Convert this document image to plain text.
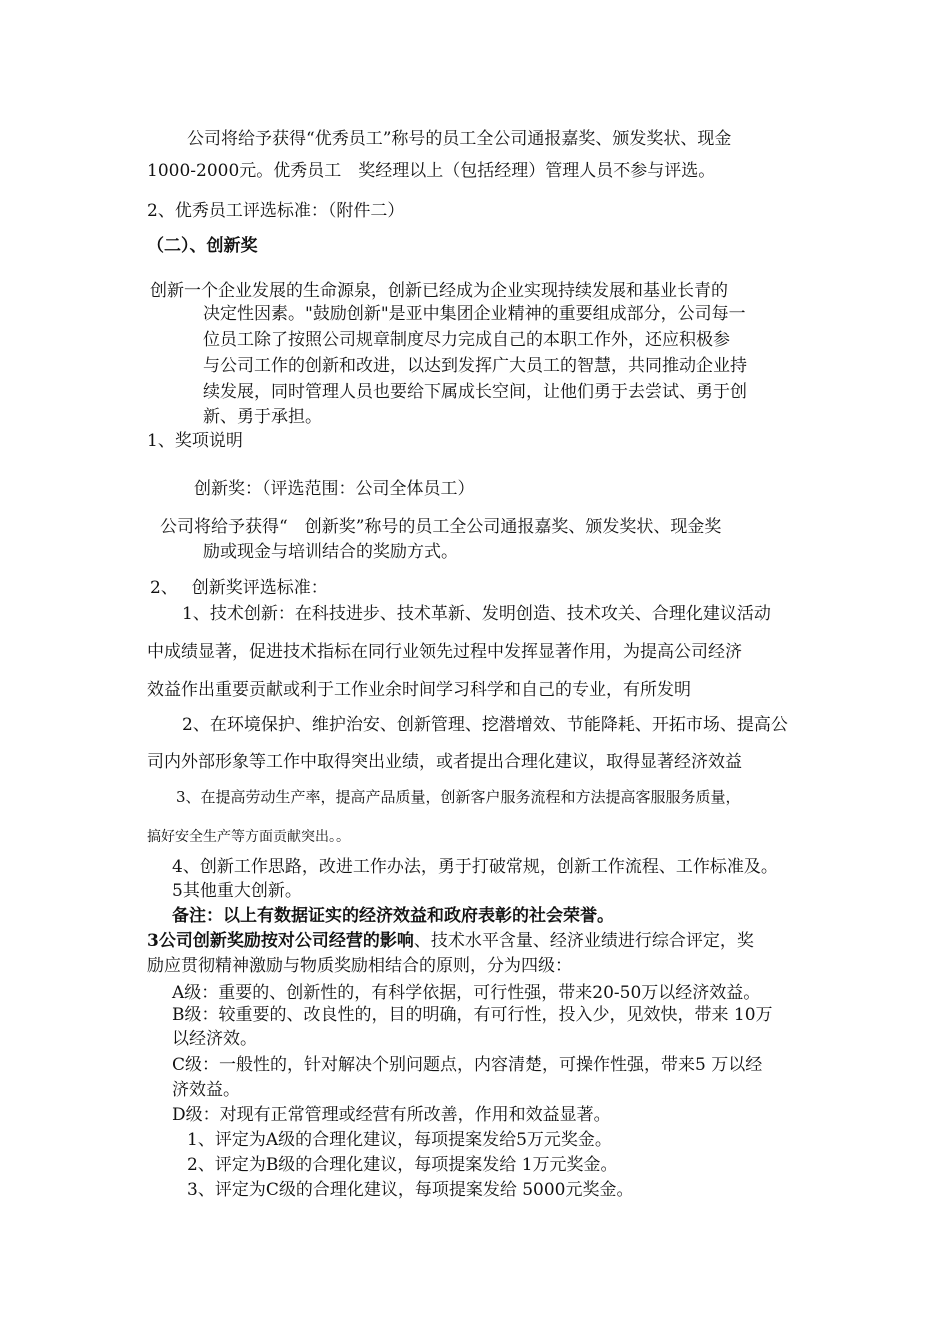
公司将给予获得“优秀员工”称号的员工全公司通报嘉奖、颁发奖状、现金
1000-2000元。优秀员工　奖经理以上（包括经理）管理人员不参与评选。
2、优秀员工评选标准：（附件二）
（二）、创新奖
创新一个企业发展的生命源泉，创新已经成为企业实现持续发展和基业长青的
决定性因素。"鼓励创新"是亚中集团企业精神的重要组成部分，公司每一
位员工除了按照公司规章制度尽力完成自己的本职工作外，还应积极参
与公司工作的创新和改进，以达到发挥广大员工的智慧，共同推动企业持
续发展，同时管理人员也要给下属成长空间，让他们勇于去尝试、勇于创
新、勇于承担。
1、奖项说明
创新奖：（评选范围：公司全体员工）
公司将给予获得“　创新奖”称号的员工全公司通报嘉奖、颁发奖状、现金奖
励或现金与培训结合的奖励方式。
2、　 创新奖评选标准：
1、技术创新：在科技进步、技术革新、发明创造、技术攻关、合理化建议活动
中成绩显著，促进技术指标在同行业领先过程中发挥显著作用，为提高公司经济
效益作出重要贡献或利于工作业余时间学习科学和自己的专业，有所发明
2、在环境保护、维护治安、创新管理、挖潜增效、节能降耗、开拓市场、提高公
司内外部形象等工作中取得突出业绩，或者提出合理化建议，取得显著经济效益
3、在提高劳动生产率，提高产品质量，创新客户服务流程和方法提高客服服务质量，
搞好安全生产等方面贡献突出。。
4、创新工作思路，改进工作办法，勇于打破常规，创新工作流程、工作标准及。
5其他重大创新。
备注：以上有数据证实的经济效益和政府表彰的社会荣誉。
3公司创新奖励按对公司经营的影响、技术水平含量、经济业绩进行综合评定，奖
励应贯彻精神激励与物质奖励相结合的原则，分为四级：
A级：重要的、创新性的，有科学依据，可行性强，带来20-50万以经济效益。
B级：较重要的、改良性的，目的明确，有可行性，投入少，见效快，带来 10万
以经济效。
C级：一般性的，针对解决个别问题点，内容清楚，可操作性强，带来5 万以经
济效益。
D级：对现有正常管理或经营有所改善，作用和效益显著。
1、评定为A级的合理化建议，每项提案发给5万元奖金。
2、评定为B级的合理化建议，每项提案发给 1万元奖金。
3、评定为C级的合理化建议，每项提案发给 5000元奖金。
